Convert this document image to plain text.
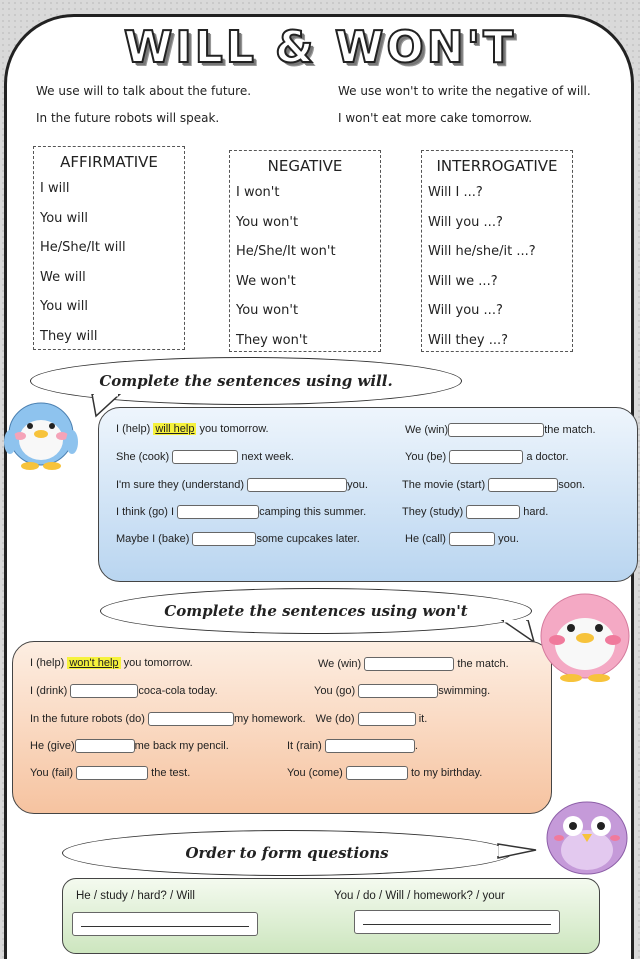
WILL & WON'T
We use will to talk about the future.	We use won't to write the negative of will.
In the future robots will speak.	I won't eat more cake tomorrow.
AFFIRMATIVE
I will
You will
He/She/It will
We will
You will
They will
NEGATIVE
I won't
You won't
He/She/It won't
We won't
You won't
They won't
INTERROGATIVE
Will I ...?
Will you ...?
Will he/she/it ...?
Will we ...?
Will you ...?
Will they ...?
Complete the sentences using will.
I (help) will help you tomorrow.	We (win)	the match.
She (cook)	next week.	You (be)	a doctor.
I'm sure they (understand)	you.	The movie (start)	soon.
I think (go) I	camping this summer.	They (study)	hard.
Maybe I (bake)	some cupcakes later.	He (call)	you.
Complete the sentences using won't
I (help) won't help you tomorrow.	We (win)	the match.
I (drink)	coca-cola today.	You (go)	swimming.
In the future robots (do)	my homework. We (do)	it.
He (give)	me back my pencil.	It (rain)	.
You (fail)	the test.	You (come)	to my birthday.
Order to form questions
He / study / hard? / Will	You / do / Will / homework? / your
